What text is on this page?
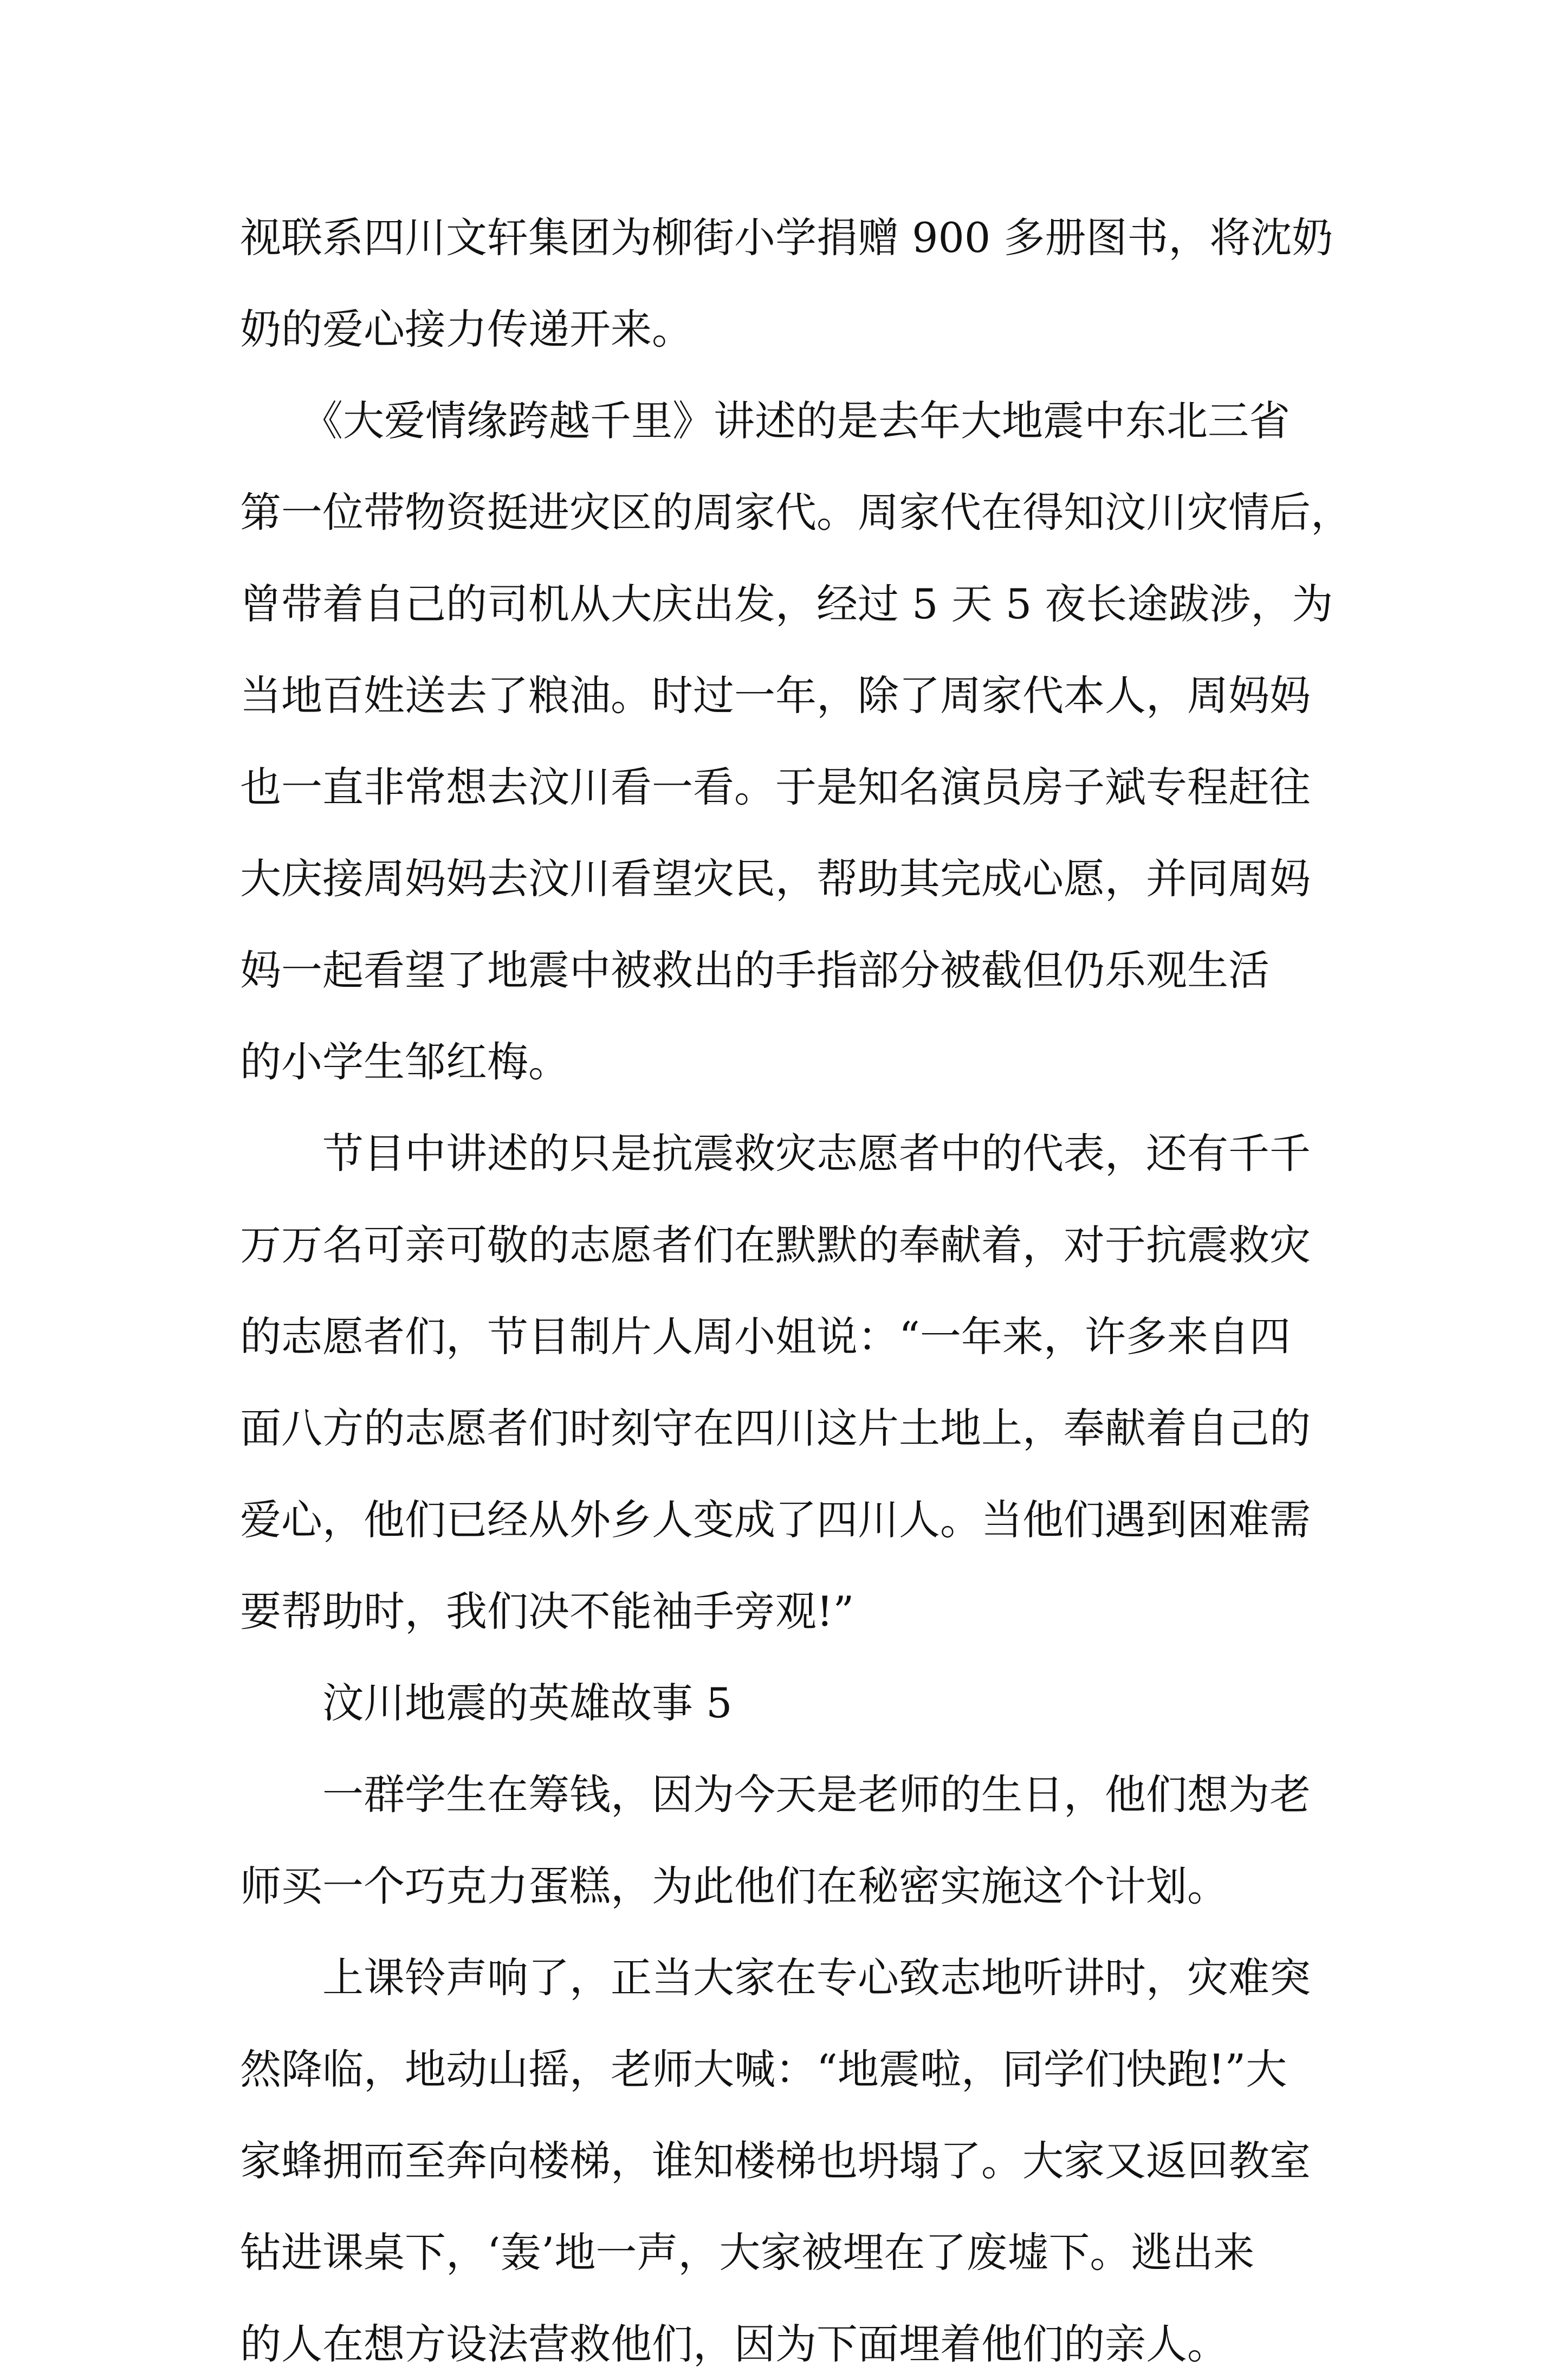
视联系四川文轩集团为柳街小学捐赠 900 多册图书，将沈奶
奶的爱心接力传递开来。
　　《大爱情缘跨越千里》讲述的是去年大地震中东北三省
第一位带物资挺进灾区的周家代。周家代在得知汶川灾情后，
曾带着自己的司机从大庆出发，经过 5 天 5 夜长途跋涉，为
当地百姓送去了粮油。时过一年，除了周家代本人，周妈妈
也一直非常想去汶川看一看。于是知名演员房子斌专程赶往
大庆接周妈妈去汶川看望灾民，帮助其完成心愿，并同周妈
妈一起看望了地震中被救出的手指部分被截但仍乐观生活
的小学生邹红梅。
　　节目中讲述的只是抗震救灾志愿者中的代表，还有千千
万万名可亲可敬的志愿者们在默默的奉献着，对于抗震救灾
的志愿者们，节目制片人周小姐说：“一年来，许多来自四
面八方的志愿者们时刻守在四川这片土地上，奉献着自己的
爱心，他们已经从外乡人变成了四川人。当他们遇到困难需
要帮助时，我们决不能袖手旁观!”
　　汶川地震的英雄故事 5
　　一群学生在筹钱，因为今天是老师的生日，他们想为老
师买一个巧克力蛋糕，为此他们在秘密实施这个计划。
　　上课铃声响了，正当大家在专心致志地听讲时，灾难突
然降临，地动山摇，老师大喊：“地震啦，同学们快跑!”大
家蜂拥而至奔向楼梯，谁知楼梯也坍塌了。大家又返回教室
钻进课桌下，‘轰’地一声，大家被埋在了废墟下。逃出来
的人在想方设法营救他们，因为下面埋着他们的亲人。
